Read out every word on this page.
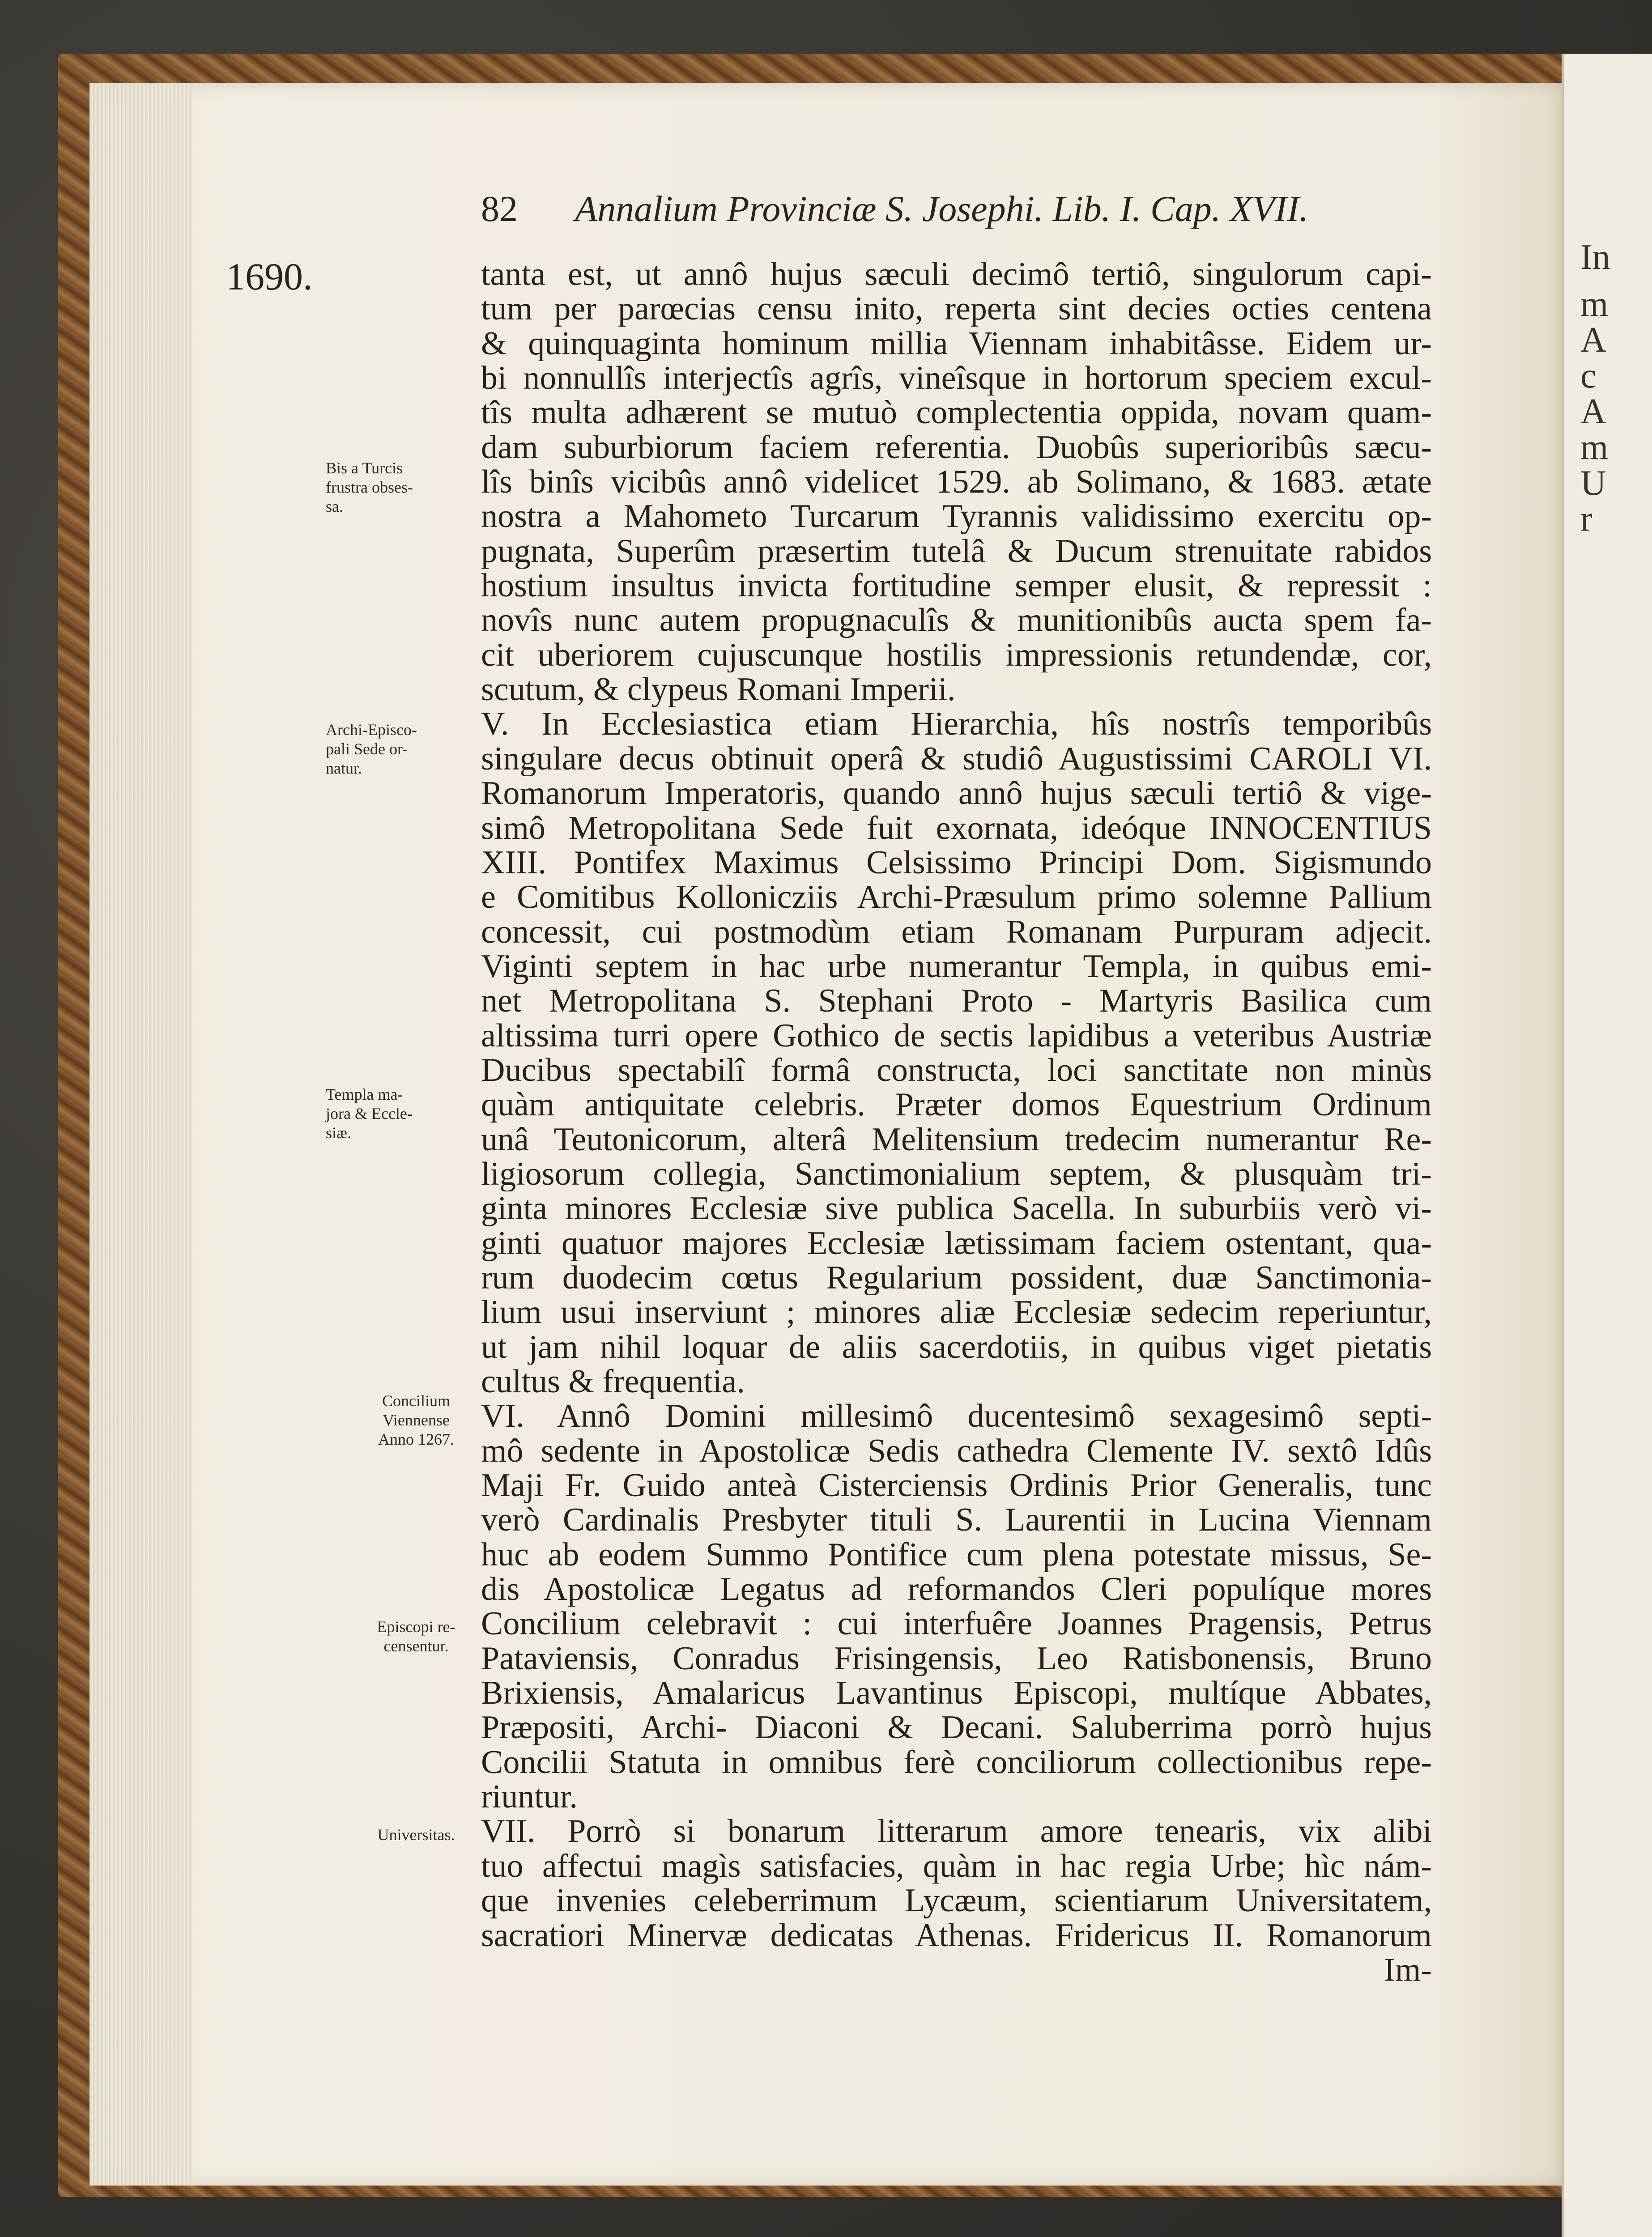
In
m
A
c
A
m
U
r
82 Annalium Provinciæ S. Josephi. Lib. I. Cap. XVII.
1690.
Bis a Turcis
frustra obses-
sa.
Archi-Episco-
pali Sede or-
natur.
Templa ma-
jora & Eccle-
siæ.
Concilium
Viennense
Anno 1267.
Episcopi re-
censentur.
Universitas.
tanta est, ut annô hujus sæculi decimô tertiô, singulorum capi-
tum per parœcias censu inito, reperta sint decies octies centena
& quinquaginta hominum millia Viennam inhabitâsse. Eidem ur-
bi nonnullîs interjectîs agrîs, vineîsque in hortorum speciem excul-
tîs multa adhærent se mutuò complectentia oppida, novam quam-
dam suburbiorum faciem referentia. Duobûs superioribûs sæcu-
lîs binîs vicibûs annô videlicet 1529. ab Solimano, & 1683. ætate
nostra a Mahometo Turcarum Tyrannis validissimo exercitu op-
pugnata, Superûm præsertim tutelâ & Ducum strenuitate rabidos
hostium insultus invicta fortitudine semper elusit, & repressit :
novîs nunc autem propugnaculîs & munitionibûs aucta spem fa-
cit uberiorem cujuscunque hostilis impressionis retundendæ, cor,
scutum, & clypeus Romani Imperii.
V. In Ecclesiastica etiam Hierarchia, hîs nostrîs temporibûs
singulare decus obtinuit operâ & studiô Augustissimi CAROLI VI.
Romanorum Imperatoris, quando annô hujus sæculi tertiô & vige-
simô Metropolitana Sede fuit exornata, ideóque INNOCENTIUS
XIII. Pontifex Maximus Celsissimo Principi Dom. Sigismundo
e Comitibus Kollonicziis Archi-Præsulum primo solemne Pallium
concessit, cui postmodùm etiam Romanam Purpuram adjecit.
Viginti septem in hac urbe numerantur Templa, in quibus emi-
net Metropolitana S. Stephani Proto - Martyris Basilica cum
altissima turri opere Gothico de sectis lapidibus a veteribus Austriæ
Ducibus spectabilî formâ constructa, loci sanctitate non minùs
quàm antiquitate celebris. Præter domos Equestrium Ordinum
unâ Teutonicorum, alterâ Melitensium tredecim numerantur Re-
ligiosorum collegia, Sanctimonialium septem, & plusquàm tri-
ginta minores Ecclesiæ sive publica Sacella. In suburbiis verò vi-
ginti quatuor majores Ecclesiæ lætissimam faciem ostentant, qua-
rum duodecim cœtus Regularium possident, duæ Sanctimonia-
lium usui inserviunt ; minores aliæ Ecclesiæ sedecim reperiuntur,
ut jam nihil loquar de aliis sacerdotiis, in quibus viget pietatis
cultus & frequentia.
VI. Annô Domini millesimô ducentesimô sexagesimô septi-
mô sedente in Apostolicæ Sedis cathedra Clemente IV. sextô Idûs
Maji Fr. Guido anteà Cisterciensis Ordinis Prior Generalis, tunc
verò Cardinalis Presbyter tituli S. Laurentii in Lucina Viennam
huc ab eodem Summo Pontifice cum plena potestate missus, Se-
dis Apostolicæ Legatus ad reformandos Cleri populíque mores
Concilium celebravit : cui interfuêre Joannes Pragensis, Petrus
Pataviensis, Conradus Frisingensis, Leo Ratisbonensis, Bruno
Brixiensis, Amalaricus Lavantinus Episcopi, multíque Abbates,
Præpositi, Archi- Diaconi & Decani. Saluberrima porrò hujus
Concilii Statuta in omnibus ferè conciliorum collectionibus repe-
riuntur.
VII. Porrò si bonarum litterarum amore tenearis, vix alibi
tuo affectui magìs satisfacies, quàm in hac regia Urbe; hìc nám-
que invenies celeberrimum Lycæum, scientiarum Universitatem,
sacratiori Minervæ dedicatas Athenas. Fridericus II. Romanorum
Im-
